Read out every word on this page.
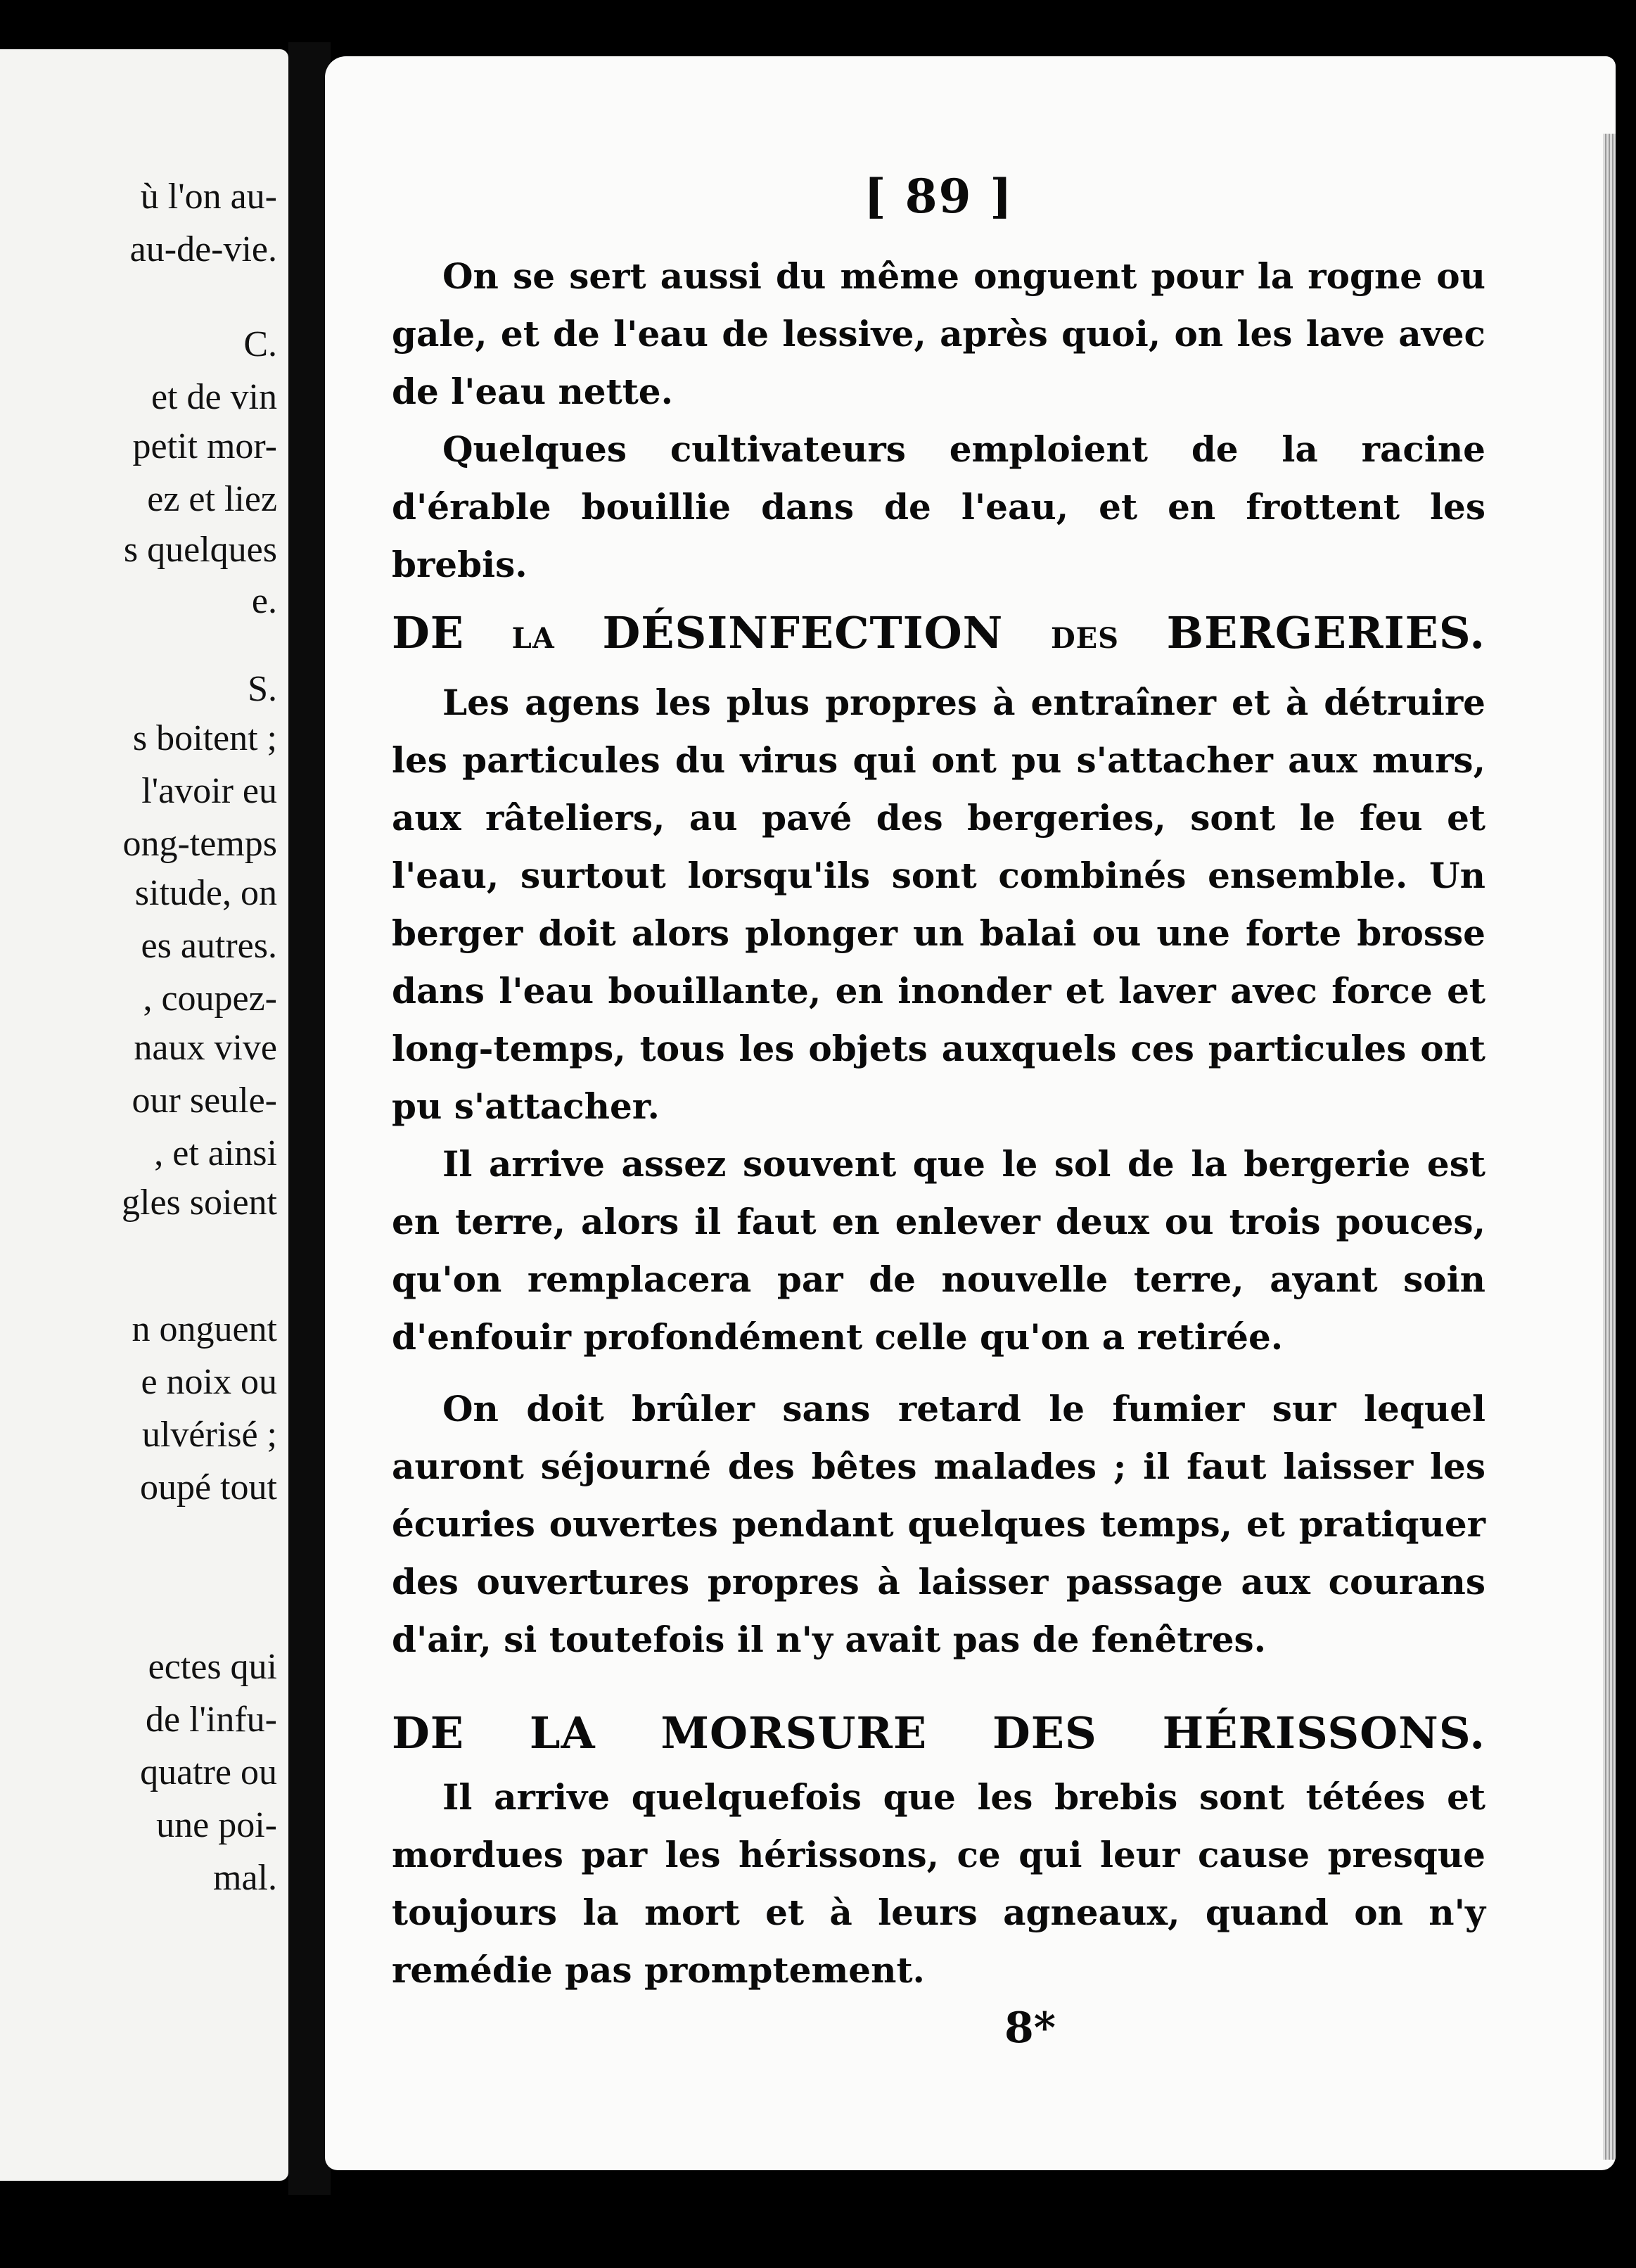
ù l'on au-
au-de-vie.
C.
et de vin
petit mor-
ez et liez
s quelques
e.
S.
s boitent ;
l'avoir eu
ong-temps
situde, on
es autres.
, coupez-
naux vive
our seule-
, et ainsi
gles soient
n onguent
e noix ou
ulvérisé ;
oupé tout
ectes qui
de l'infu-
quatre ou
une poi-
mal.
[ 89 ]

On se sert aussi du même onguent pour la rogne ou gale, et de l'eau de lessive, après quoi, on les lave avec de l'eau nette.

Quelques cultivateurs emploient de la racine d'érable bouillie dans de l'eau, et en frottent les brebis.

DE LA DÉSINFECTION DES BERGERIES.

Les agens les plus propres à entraîner et à détruire les particules du virus qui ont pu s'attacher aux murs, aux râteliers, au pavé des bergeries, sont le feu et l'eau, surtout lorsqu'ils sont combinés ensemble. Un berger doit alors plonger un balai ou une forte brosse dans l'eau bouillante, en inonder et laver avec force et long-temps, tous les objets auxquels ces particules ont pu s'attacher.

Il arrive assez souvent que le sol de la bergerie est en terre, alors il faut en enlever deux ou trois pouces, qu'on remplacera par de nouvelle terre, ayant soin d'enfouir profondément celle qu'on a retirée.

On doit brûler sans retard le fumier sur lequel auront séjourné des bêtes malades ; il faut laisser les écuries ouvertes pendant quelques temps, et pratiquer des ouvertures propres à laisser passage aux courans d'air, si toutefois il n'y avait pas de fenêtres.

DE LA MORSURE DES HÉRISSONS.

Il arrive quelquefois que les brebis sont tétées et mordues par les hérissons, ce qui leur cause presque toujours la mort et à leurs agneaux, quand on n'y remédie pas promptement.

8*
